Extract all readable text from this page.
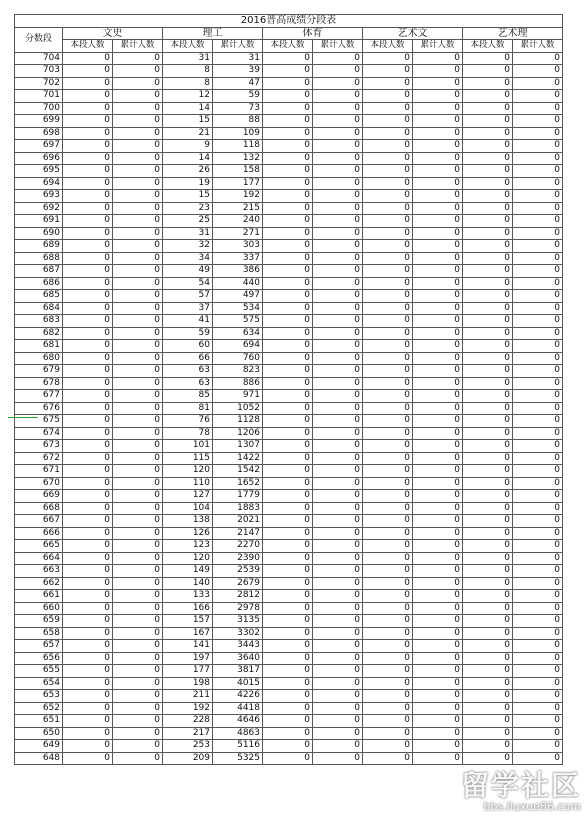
2016普高成绩分段表										
分数段	文史		理工		体育		艺术文		艺术理	
	本段人数	累计人数	本段人数	累计人数	本段人数	累计人数	本段人数	累计人数	本段人数	累计人数
704	0	0	31	31	0	0	0	0	0	0
703	0	0	8	39	0	0	0	0	0	0
702	0	0	8	47	0	0	0	0	0	0
701	0	0	12	59	0	0	0	0	0	0
700	0	0	14	73	0	0	0	0	0	0
699	0	0	15	88	0	0	0	0	0	0
698	0	0	21	109	0	0	0	0	0	0
697	0	0	9	118	0	0	0	0	0	0
696	0	0	14	132	0	0	0	0	0	0
695	0	0	26	158	0	0	0	0	0	0
694	0	0	19	177	0	0	0	0	0	0
693	0	0	15	192	0	0	0	0	0	0
692	0	0	23	215	0	0	0	0	0	0
691	0	0	25	240	0	0	0	0	0	0
690	0	0	31	271	0	0	0	0	0	0
689	0	0	32	303	0	0	0	0	0	0
688	0	0	34	337	0	0	0	0	0	0
687	0	0	49	386	0	0	0	0	0	0
686	0	0	54	440	0	0	0	0	0	0
685	0	0	57	497	0	0	0	0	0	0
684	0	0	37	534	0	0	0	0	0	0
683	0	0	41	575	0	0	0	0	0	0
682	0	0	59	634	0	0	0	0	0	0
681	0	0	60	694	0	0	0	0	0	0
680	0	0	66	760	0	0	0	0	0	0
679	0	0	63	823	0	0	0	0	0	0
678	0	0	63	886	0	0	0	0	0	0
677	0	0	85	971	0	0	0	0	0	0
676	0	0	81	1052	0	0	0	0	0	0
675	0	0	76	1128	0	0	0	0	0	0
674	0	0	78	1206	0	0	0	0	0	0
673	0	0	101	1307	0	0	0	0	0	0
672	0	0	115	1422	0	0	0	0	0	0
671	0	0	120	1542	0	0	0	0	0	0
670	0	0	110	1652	0	0	0	0	0	0
669	0	0	127	1779	0	0	0	0	0	0
668	0	0	104	1883	0	0	0	0	0	0
667	0	0	138	2021	0	0	0	0	0	0
666	0	0	126	2147	0	0	0	0	0	0
665	0	0	123	2270	0	0	0	0	0	0
664	0	0	120	2390	0	0	0	0	0	0
663	0	0	149	2539	0	0	0	0	0	0
662	0	0	140	2679	0	0	0	0	0	0
661	0	0	133	2812	0	0	0	0	0	0
660	0	0	166	2978	0	0	0	0	0	0
659	0	0	157	3135	0	0	0	0	0	0
658	0	0	167	3302	0	0	0	0	0	0
657	0	0	141	3443	0	0	0	0	0	0
656	0	0	197	3640	0	0	0	0	0	0
655	0	0	177	3817	0	0	0	0	0	0
654	0	0	198	4015	0	0	0	0	0	0
653	0	0	211	4226	0	0	0	0	0	0
652	0	0	192	4418	0	0	0	0	0	0
651	0	0	228	4646	0	0	0	0	0	0
650	0	0	217	4863	0	0	0	0	0	0
649	0	0	253	5116	0	0	0	0	0	0
648	0	0	209	5325	0	0	0	0	0	0
留学社区
bbs.liuxue86.com
